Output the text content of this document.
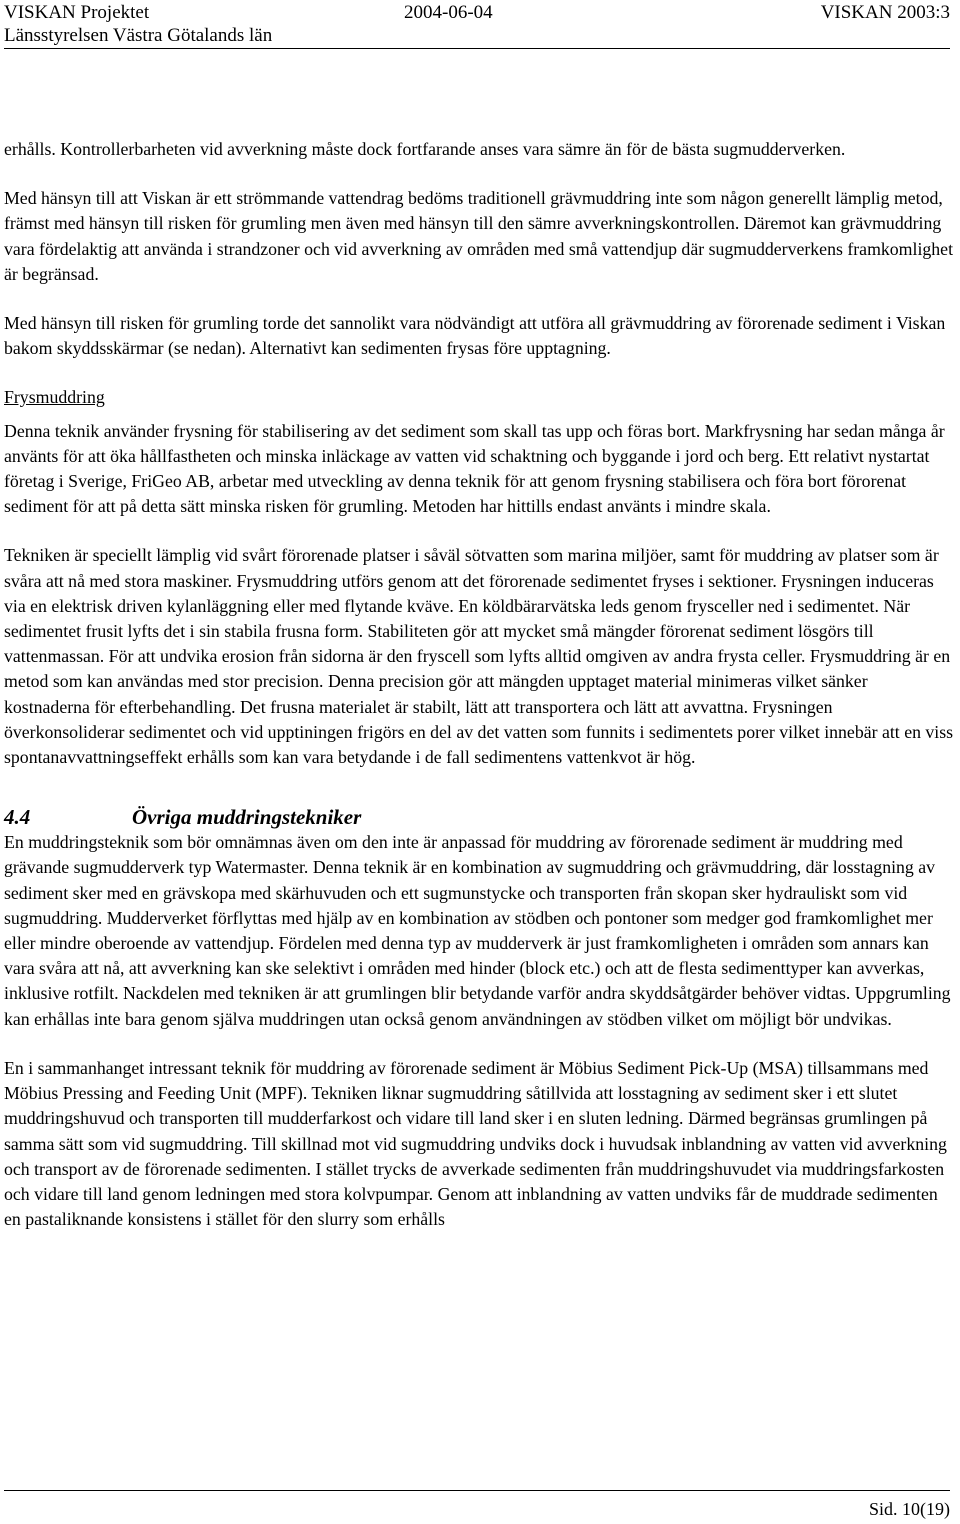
VISKAN Projektet	2004-06-04	VISKAN 2003:3
Länsstyrelsen Västra Götalands län

erhålls. Kontrollerbarheten vid avverkning måste dock fortfarande anses vara sämre än för de bästa sugmudderverken.

Med hänsyn till att Viskan är ett strömmande vattendrag bedöms traditionell grävmuddring inte som någon generellt lämplig metod, främst med hänsyn till risken för grumling men även med hänsyn till den sämre avverkningskontrollen. Däremot kan grävmuddring vara fördelaktig att använda i strandzoner och vid avverkning av områden med små vattendjup där sugmudderverkens framkomlighet är begränsad.

Med hänsyn till risken för grumling torde det sannolikt vara nödvändigt att utföra all grävmuddring av förorenade sediment i Viskan bakom skyddsskärmar (se nedan). Alternativt kan sedimenten frysas före upptagning.

Frysmuddring

Denna teknik använder frysning för stabilisering av det sediment som skall tas upp och föras bort. Markfrysning har sedan många år använts för att öka hållfastheten och minska inläckage av vatten vid schaktning och byggande i jord och berg. Ett relativt nystartat företag i Sverige, FriGeo AB, arbetar med utveckling av denna teknik för att genom frysning stabilisera och föra bort förorenat sediment för att på detta sätt minska risken för grumling. Metoden har hittills endast använts i mindre skala.

Tekniken är speciellt lämplig vid svårt förorenade platser i såväl sötvatten som marina miljöer, samt för muddring av platser som är svåra att nå med stora maskiner. Frysmuddring utförs genom att det förorenade sedimentet fryses i sektioner. Frysningen induceras via en elektrisk driven kylanläggning eller med flytande kväve. En köldbärarvätska leds genom frysceller ned i sedimentet. När sedimentet frusit lyfts det i sin stabila frusna form. Stabiliteten gör att mycket små mängder förorenat sediment lösgörs till vattenmassan. För att undvika erosion från sidorna är den fryscell som lyfts alltid omgiven av andra frysta celler. Frysmuddring är en metod som kan användas med stor precision. Denna precision gör att mängden upptaget material minimeras vilket sänker kostnaderna för efterbehandling. Det frusna materialet är stabilt, lätt att transportera och lätt att avvattna. Frysningen överkonsoliderar sedimentet och vid upptiningen frigörs en del av det vatten som funnits i sedimentets porer vilket innebär att en viss spontanavvattningseffekt erhålls som kan vara betydande i de fall sedimentens vattenkvot är hög.

4.4	Övriga muddringstekniker

En muddringsteknik som bör omnämnas även om den inte är anpassad för muddring av förorenade sediment är muddring med grävande sugmudderverk typ Watermaster. Denna teknik är en kombination av sugmuddring och grävmuddring, där losstagning av sediment sker med en grävskopa med skärhuvuden och ett sugmunstycke och transporten från skopan sker hydrauliskt som vid sugmuddring. Mudderverket förflyttas med hjälp av en kombination av stödben och pontoner som medger god framkomlighet mer eller mindre oberoende av vattendjup. Fördelen med denna typ av mudderverk är just framkomligheten i områden som annars kan vara svåra att nå, att avverkning kan ske selektivt i områden med hinder (block etc.) och att de flesta sedimenttyper kan avverkas, inklusive rotfilt. Nackdelen med tekniken är att grumlingen blir betydande varför andra skyddsåtgärder behöver vidtas. Uppgrumling kan erhållas inte bara genom själva muddringen utan också genom användningen av stödben vilket om möjligt bör undvikas.

En i sammanhanget intressant teknik för muddring av förorenade sediment är Möbius Sediment Pick-Up (MSA) tillsammans med Möbius Pressing and Feeding Unit (MPF). Tekniken liknar sugmuddring såtillvida att losstagning av sediment sker i ett slutet muddringshuvud och transporten till mudderfarkost och vidare till land sker i en sluten ledning. Därmed begränsas grumlingen på samma sätt som vid sugmuddring. Till skillnad mot vid sugmuddring undviks dock i huvudsak inblandning av vatten vid avverkning och transport av de förorenade sedimenten. I stället trycks de avverkade sedimenten från muddringshuvudet via muddringsfarkosten och vidare till land genom ledningen med stora kolvpumpar. Genom att inblandning av vatten undviks får de muddrade sedimenten en pastaliknande konsistens i stället för den slurry som erhålls

Sid. 10(19)
